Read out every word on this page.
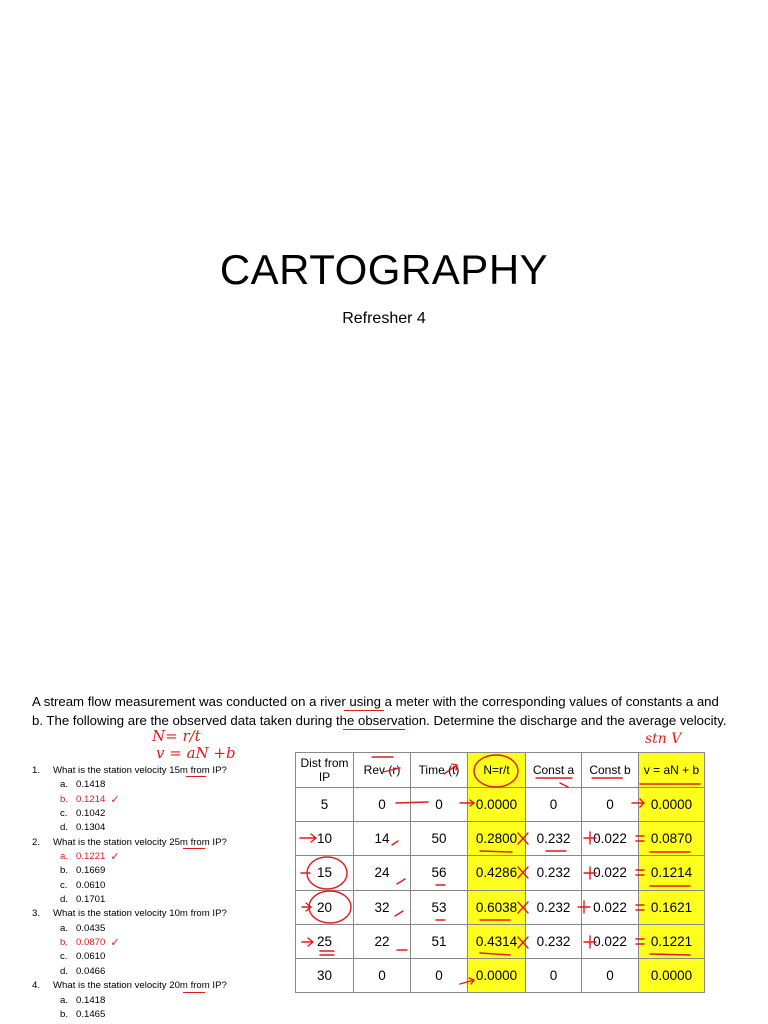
CARTOGRAPHY
Refresher 4
A stream flow measurement was conducted on a river using a meter with the corresponding values of constants a and b. The following are the observed data taken during the observation. Determine the discharge and the average velocity.
1.	What is the station velocity 15m from IP?
a. 0.1418
b. 0.1214 ✓
c. 0.1042
d. 0.1304
2.	What is the station velocity 25m from IP?
a. 0.1221 ✓
b. 0.1669
c. 0.0610
d. 0.1701
3.	What is the station velocity 10m from IP?
a. 0.0435
b. 0.0870 ✓
c. 0.0610
d. 0.0466
4.	What is the station velocity 20m from IP?
a. 0.1418
b. 0.1465
Dist from IP	Rev (r)	Time (t)	N=r/t	Const a	Const b	v = aN + b
5	0	0	0.0000	0	0	0.0000
10	14	50	0.2800	0.232	0.022	0.0870
15	24	56	0.4286	0.232	0.022	0.1214
20	32	53	0.6038	0.232	0.022	0.1621
25	22	51	0.4314	0.232	0.022	0.1221
30	0	0	0.0000	0	0	0.0000
N= r/t
v = aN +b
stn V
